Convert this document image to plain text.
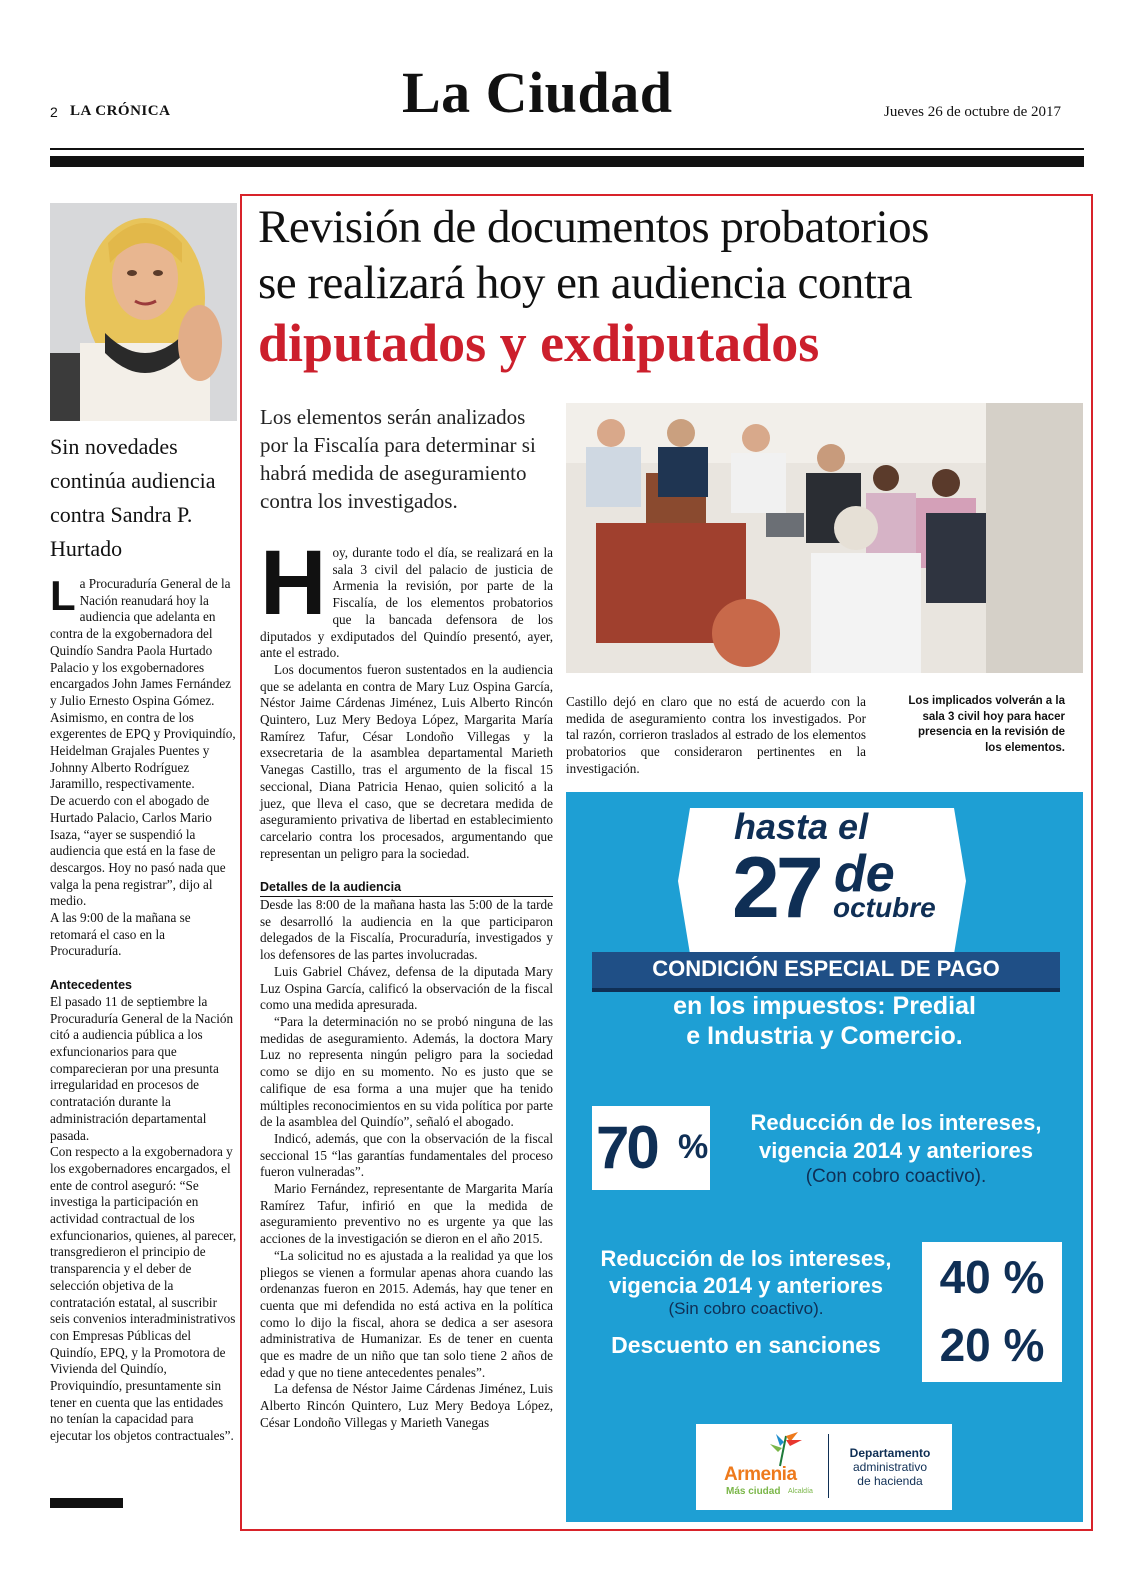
2 LA CRÓNICA	La Ciudad	Jueves 26 de octubre de 2017
Sin novedades continúa audiencia contra Sandra P. Hurtado
L a Procuraduría General de la Nación reanudará hoy la audiencia que adelanta en contra de la exgobernadora del Quindío Sandra Paola Hurtado Palacio y los exgobernadores encargados John James Fernández y Julio Ernesto Ospina Gómez. Asimismo, en contra de los exgerentes de EPQ y Proviquindío, Heidelman Grajales Puentes y Johnny Alberto Rodríguez Jaramillo, respectivamente.

De acuerdo con el abogado de Hurtado Palacio, Carlos Mario Isaza, “ayer se suspendió la audiencia que está en la fase de descargos. Hoy no pasó nada que valga la pena registrar”, dijo al medio.

A las 9:00 de la mañana se retomará el caso en la Procuraduría.

Antecedentes

El pasado 11 de septiembre la Procuraduría General de la Nación citó a audiencia pública a los exfuncionarios para que comparecieran por una presunta irregularidad en procesos de contratación durante la administración departamental pasada.

Con respecto a la exgobernadora y los exgobernadores encargados, el ente de control aseguró: “Se investiga la participación en actividad contractual de los exfuncionarios, quienes, al parecer, transgredieron el principio de transparencia y el deber de selección objetiva de la contratación estatal, al suscribir seis convenios interadministrativos con Empresas Públicas del Quindío, EPQ, y la Promotora de Vivienda del Quindío, Proviquindío, presuntamente sin tener en cuenta que las entidades no tenían la capacidad para ejecutar los objetos contractuales”.

Revisión de documentos probatorios
se realizará hoy en audiencia contra
diputados y exdiputados
Los elementos serán analizados por la Fiscalía para determinar si habrá medida de aseguramiento contra los investigados.
H oy, durante todo el día, se realizará en la sala 3 civil del palacio de justicia de Armenia la revisión, por parte de la Fiscalía, de los elementos probatorios que la bancada defensora de los diputados y exdiputados del Quindío presentó, ayer, ante el estrado.

Los documentos fueron sustentados en la audiencia que se adelanta en contra de Mary Luz Ospina García, Néstor Jaime Cárdenas Jiménez, Luis Alberto Rincón Quintero, Luz Mery Bedoya López, Margarita María Ramírez Tafur, César Londoño Villegas y la exsecretaria de la asamblea departamental Marieth Vanegas Castillo, tras el argumento de la fiscal 15 seccional, Diana Patricia Henao, quien solicitó a la juez, que lleva el caso, que se decretara medida de aseguramiento privativa de libertad en establecimiento carcelario contra los procesados, argumentando que representan un peligro para la sociedad.

Detalles de la audiencia

Desde las 8:00 de la mañana hasta las 5:00 de la tarde se desarrolló la audiencia en la que participaron delegados de la Fiscalía, Procuraduría, investigados y los defensores de las partes involucradas.

Luis Gabriel Chávez, defensa de la diputada Mary Luz Ospina García, calificó la observación de la fiscal como una medida apresurada.

“Para la determinación no se probó ninguna de las medidas de aseguramiento. Además, la doctora Mary Luz no representa ningún peligro para la sociedad como se dijo en su momento. No es justo que se califique de esa forma a una mujer que ha tenido múltiples reconocimientos en su vida política por parte de la asamblea del Quindío”, señaló el abogado.

Indicó, además, que con la observación de la fiscal seccional 15 “las garantías fundamentales del proceso fueron vulneradas”.

Mario Fernández, representante de Margarita María Ramírez Tafur, infirió en que la medida de aseguramiento preventivo no es urgente ya que las acciones de la investigación se dieron en el año 2015.

“La solicitud no es ajustada a la realidad ya que los pliegos se vienen a formular apenas ahora cuando las ordenanzas fueron en 2015. Además, hay que tener en cuenta que mi defendida no está activa en la política como lo dijo la fiscal, ahora se dedica a ser asesora administrativa de Humanizar. Es de tener en cuenta que es madre de un niño que tan solo tiene 2 años de edad y que no tiene antecedentes penales”.

La defensa de Néstor Jaime Cárdenas Jiménez, Luis Alberto Rincón Quintero, Luz Mery Bedoya López, César Londoño Villegas y Marieth Vanegas

Castillo dejó en claro que no está de acuerdo con la medida de aseguramiento contra los investigados. Por tal razón, corrieron traslados al estrado de los elementos probatorios que consideraron pertinentes en la investigación.
Los implicados volverán a la sala 3 civil hoy para hacer presencia en la revisión de los elementos.
hasta el
27 de
octubre
CONDICIÓN ESPECIAL DE PAGO
en los impuestos: Predial
e Industria y Comercio.
70 %
Reducción de los intereses,
vigencia 2014 y anteriores
(Con cobro coactivo).
Reducción de los intereses,
vigencia 2014 y anteriores
(Sin cobro coactivo).
40 %
Descuento en sanciones	20 %
Armenia
Más ciudad Alcaldía
Departamento
administrativo
de hacienda
